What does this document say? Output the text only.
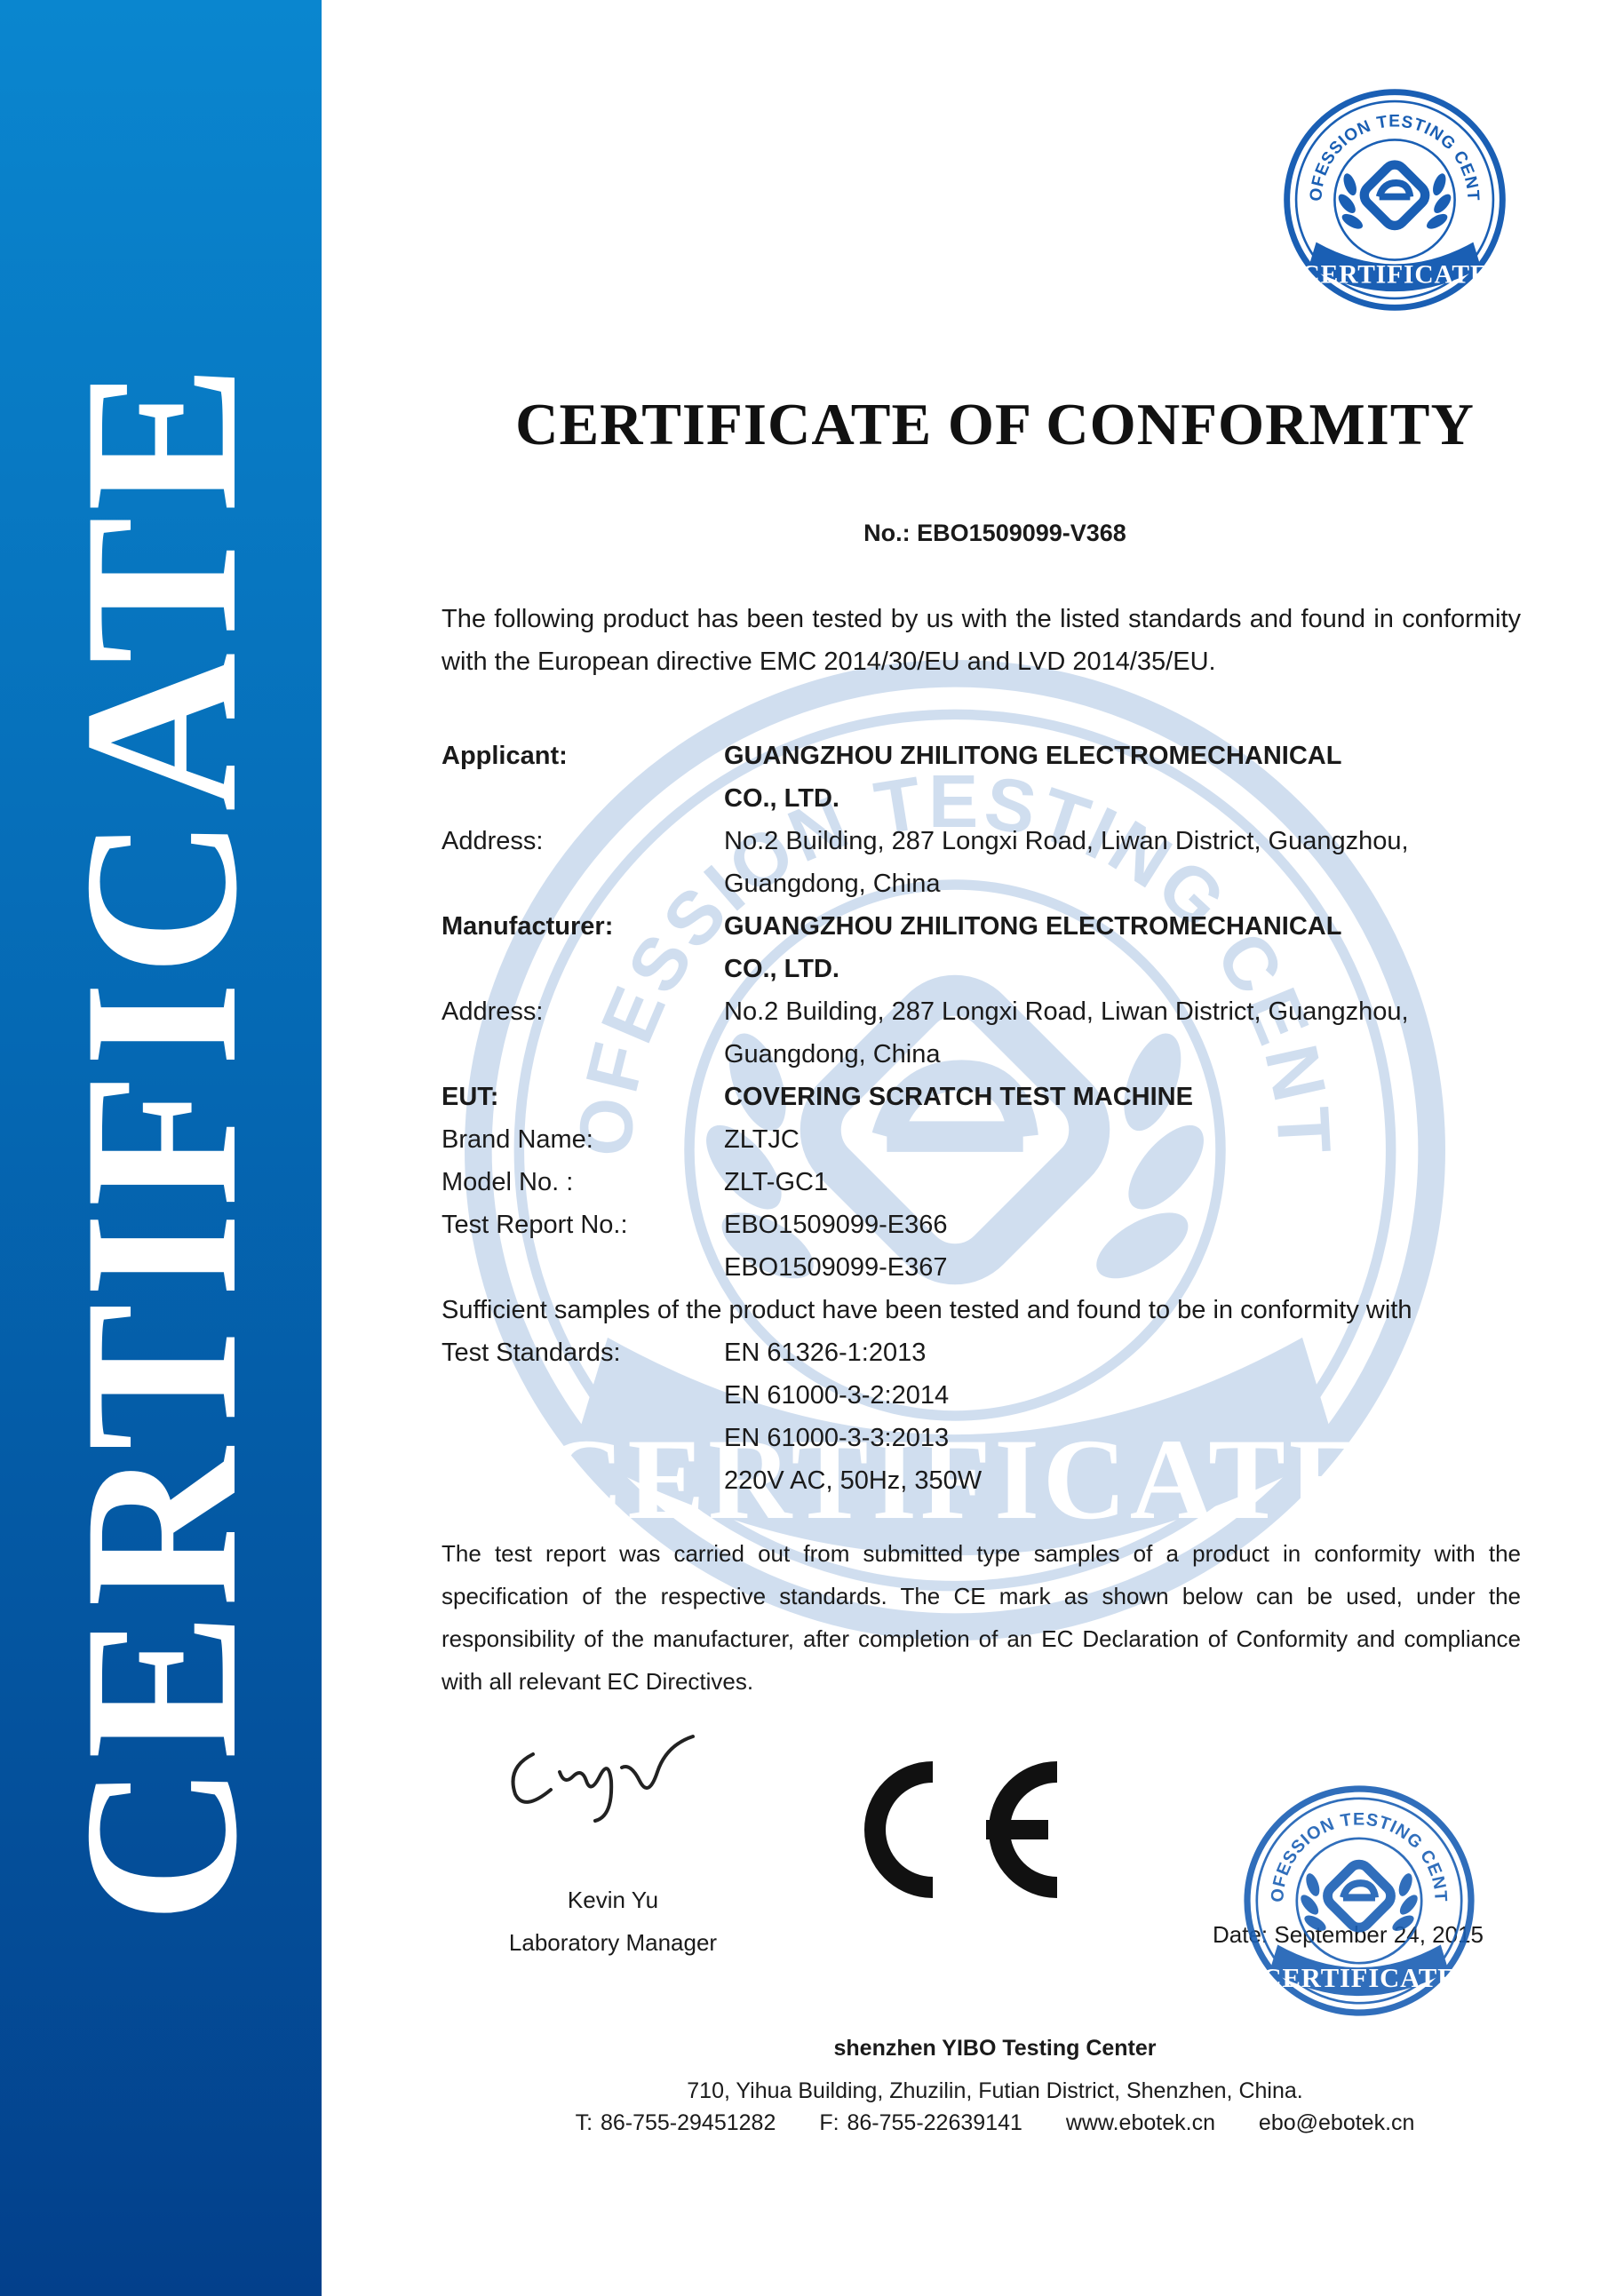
CERTIFICATE	CERTIFICATE OF CONFORMITY
No.: EBO1509099-V368
The following product has been tested by us with the listed standards and found in conformity with the European directive EMC 2014/30/EU and LVD 2014/35/EU.
Applicant:	GUANGZHOU ZHILITONG ELECTROMECHANICAL
CO., LTD.
Address:	No.2 Building, 287 Longxi Road, Liwan District, Guangzhou,
Guangdong, China
Manufacturer:	GUANGZHOU ZHILITONG ELECTROMECHANICAL
CO., LTD.
Address:	No.2 Building, 287 Longxi Road, Liwan District, Guangzhou,
Guangdong, China
EUT:	COVERING SCRATCH TEST MACHINE
Brand Name:	ZLTJC
Model No. :	ZLT-GC1
Test Report No.:	EBO1509099-E366
EBO1509099-E367
Sufficient samples of the product have been tested and found to be in conformity with
Test Standards:	EN 61326-1:2013
EN 61000-3-2:2014
EN 61000-3-3:2013
220V AC, 50Hz, 350W
The test report was carried out from submitted type samples of a product in conformity with the specification of the respective standards. The CE mark as shown below can be used, under the responsibility of the manufacturer, after completion of an EC Declaration of Conformity and compliance with all relevant EC Directives.
Kevin Yu
Laboratory Manager	Date: September 24, 2015
shenzhen YIBO Testing Center
710, Yihua Building, Zhuzilin, Futian District, Shenzhen, China.
T: 86-755-29451282 F: 86-755-22639141 www.ebotek.cn ebo@ebotek.cn
